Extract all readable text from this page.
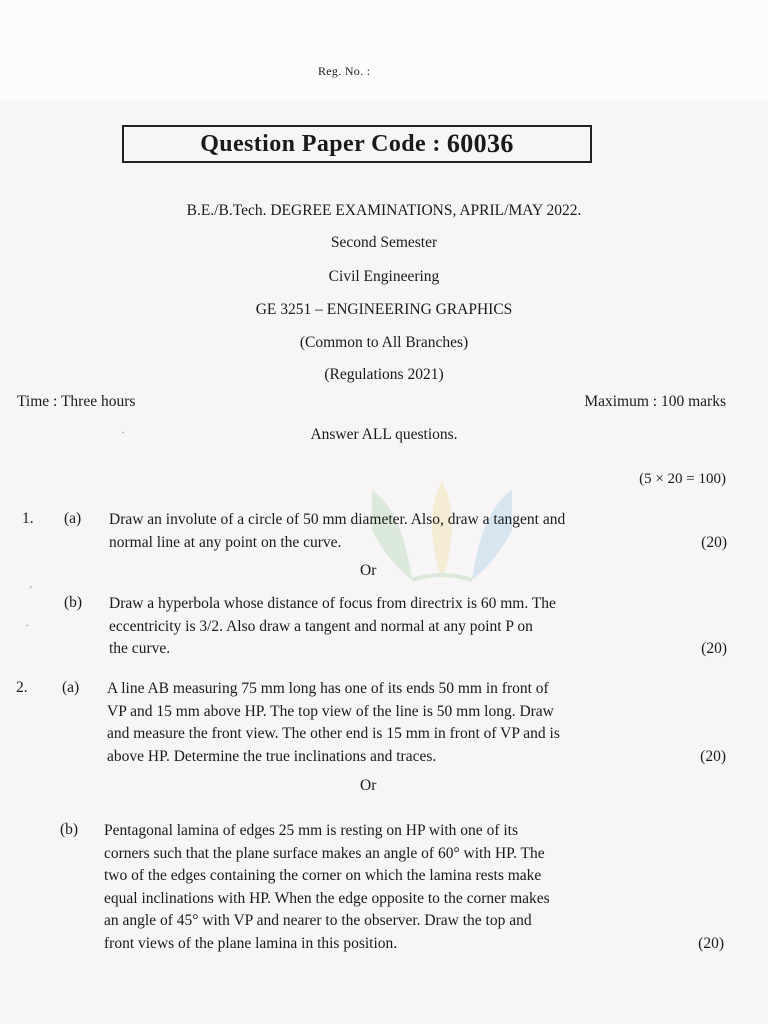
Reg. No. :
Question Paper Code : 60036
B.E./B.Tech. DEGREE EXAMINATIONS, APRIL/MAY 2022.
Second Semester
Civil Engineering
GE 3251 – ENGINEERING GRAPHICS
(Common to All Branches)
(Regulations 2021)
Time : Three hours	Maximum : 100 marks
Answer ALL questions.
(5 × 20 = 100)
1. (a) Draw an involute of a circle of 50 mm diameter. Also, draw a tangent and
normal line at any point on the curve.	(20)
Or
(b) Draw a hyperbola whose distance of focus from directrix is 60 mm. The
eccentricity is 3/2. Also draw a tangent and normal at any point P on
the curve.	(20)
2. (a) A line AB measuring 75 mm long has one of its ends 50 mm in front of
VP and 15 mm above HP. The top view of the line is 50 mm long. Draw
and measure the front view. The other end is 15 mm in front of VP and is
above HP. Determine the true inclinations and traces.	(20)
Or
(b) Pentagonal lamina of edges 25 mm is resting on HP with one of its
corners such that the plane surface makes an angle of 60° with HP. The
two of the edges containing the corner on which the lamina rests make
equal inclinations with HP. When the edge opposite to the corner makes
an angle of 45° with VP and nearer to the observer. Draw the top and
front views of the plane lamina in this position.	(20)
.
'
.
